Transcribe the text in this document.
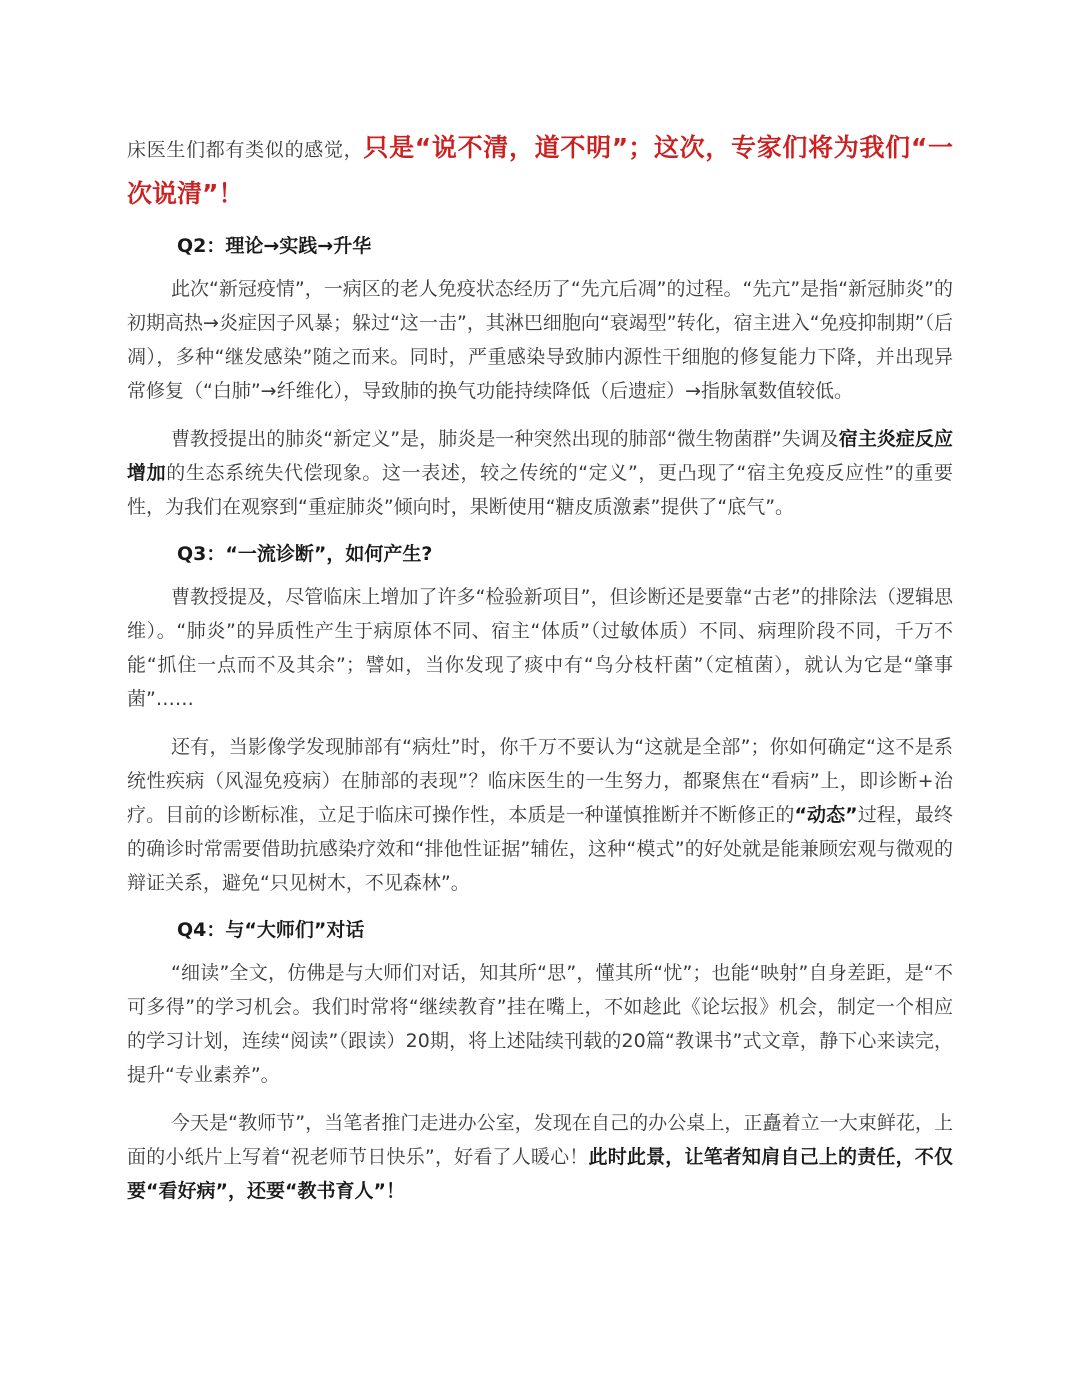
床医生们都有类似的感觉，只是“说不清，道不明”；这次，专家们将为我们“一次说清”！

Q2：理论→实践→升华

此次“新冠疫情”，一病区的老人免疫状态经历了“先亢后凋”的过程。“先亢”是指“新冠肺炎”的初期高热→炎症因子风暴；躲过“这一击”，其淋巴细胞向“衰竭型”转化，宿主进入“免疫抑制期”（后凋），多种“继发感染”随之而来。同时，严重感染导致肺内源性干细胞的修复能力下降，并出现异常修复（“白肺”→纤维化），导致肺的换气功能持续降低（后遗症）→指脉氧数值较低。

曹教授提出的肺炎“新定义”是，肺炎是一种突然出现的肺部“微生物菌群”失调及宿主炎症反应增加的生态系统失代偿现象。这一表述，较之传统的“定义”，更凸现了“宿主免疫反应性”的重要性，为我们在观察到“重症肺炎”倾向时，果断使用“糖皮质激素”提供了“底气”。

Q3：“一流诊断”，如何产生?

曹教授提及，尽管临床上增加了许多“检验新项目”，但诊断还是要靠“古老”的排除法（逻辑思维）。“肺炎”的异质性产生于病原体不同、宿主“体质”（过敏体质）不同、病理阶段不同，千万不能“抓住一点而不及其余”；譬如，当你发现了痰中有“鸟分枝杆菌”（定植菌），就认为它是“肇事菌”……

还有，当影像学发现肺部有“病灶”时，你千万不要认为“这就是全部”；你如何确定“这不是系统性疾病（风湿免疫病）在肺部的表现”？临床医生的一生努力，都聚焦在“看病”上，即诊断+治疗。目前的诊断标准，立足于临床可操作性，本质是一种谨慎推断并不断修正的“动态”过程，最终的确诊时常需要借助抗感染疗效和“排他性证据”辅佐，这种“模式”的好处就是能兼顾宏观与微观的辩证关系，避免“只见树木，不见森林”。

Q4：与“大师们”对话

“细读”全文，仿佛是与大师们对话，知其所“思”，懂其所“忧”；也能“映射”自身差距，是“不可多得”的学习机会。我们时常将“继续教育”挂在嘴上，不如趁此《论坛报》机会，制定一个相应的学习计划，连续“阅读”（跟读）20期，将上述陆续刊载的20篇“教课书”式文章，静下心来读完，提升“专业素养”。

今天是“教师节”，当笔者推门走进办公室，发现在自己的办公桌上，正矗着立一大束鲜花，上面的小纸片上写着“祝老师节日快乐”，好看了人暖心！此时此景，让笔者知肩自己上的责任，不仅要“看好病”，还要“教书育人”！
